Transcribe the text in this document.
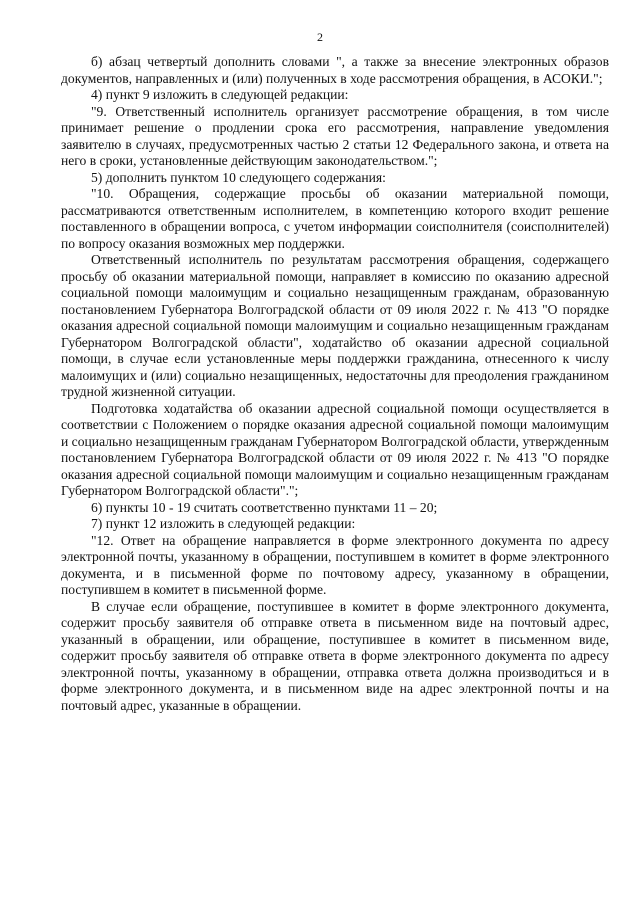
2

б) абзац четвертый дополнить словами ", а также за внесение электронных образов документов, направленных и (или) полученных в ходе рассмотрения обращения, в АСОКИ.";

4) пункт 9 изложить в следующей редакции:

"9. Ответственный исполнитель организует рассмотрение обращения, в том числе принимает решение о продлении срока его рассмотрения, направление уведомления заявителю в случаях, предусмотренных частью 2 статьи 12 Федерального закона, и ответа на него в сроки, установленные действующим законодательством.";

5) дополнить пунктом 10 следующего содержания:

"10. Обращения, содержащие просьбы об оказании материальной помощи, рассматриваются ответственным исполнителем, в компетенцию которого входит решение поставленного в обращении вопроса, с учетом информации соисполнителя (соисполнителей) по вопросу оказания возможных мер поддержки.

Ответственный исполнитель по результатам рассмотрения обращения, содержащего просьбу об оказании материальной помощи, направляет в комиссию по оказанию адресной социальной помощи малоимущим и социально незащищенным гражданам, образованную постановлением Губернатора Волгоградской области от 09 июля 2022 г. № 413 "О порядке оказания адресной социальной помощи малоимущим и социально незащищенным гражданам Губернатором Волгоградской области", ходатайство об оказании адресной социальной помощи, в случае если установленные меры поддержки гражданина, отнесенного к числу малоимущих и (или) социально незащищенных, недостаточны для преодоления гражданином трудной жизненной ситуации.

Подготовка ходатайства об оказании адресной социальной помощи осуществляется в соответствии с Положением о порядке оказания адресной социальной помощи малоимущим и социально незащищенным гражданам Губернатором Волгоградской области, утвержденным постановлением Губернатора Волгоградской области от 09 июля 2022 г. № 413 "О порядке оказания адресной социальной помощи малоимущим и социально незащищенным гражданам Губернатором Волгоградской области".";

6) пункты 10 - 19 считать соответственно пунктами 11 – 20;

7) пункт 12 изложить в следующей редакции:

"12. Ответ на обращение направляется в форме электронного документа по адресу электронной почты, указанному в обращении, поступившем в комитет в форме электронного документа, и в письменной форме по почтовому адресу, указанному в обращении, поступившем в комитет в письменной форме.

В случае если обращение, поступившее в комитет в форме электронного документа, содержит просьбу заявителя об отправке ответа в письменном виде на почтовый адрес, указанный в обращении, или обращение, поступившее в комитет в письменном виде, содержит просьбу заявителя об отправке ответа в форме электронного документа по адресу электронной почты, указанному в обращении, отправка ответа должна производиться и в форме электронного документа, и в письменном виде на адрес электронной почты и на почтовый адрес, указанные в обращении.
